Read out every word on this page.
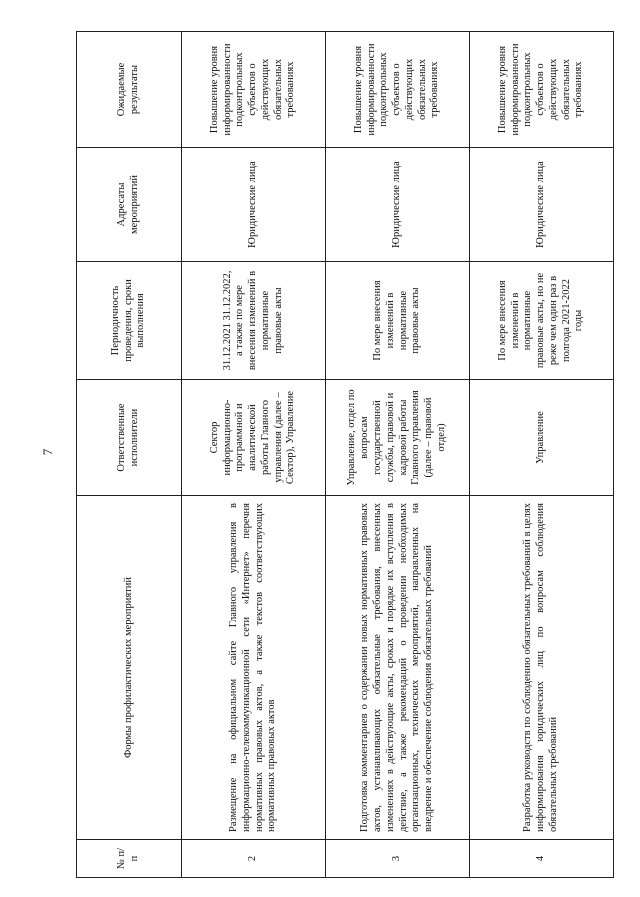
7
№ п/п	Формы профилактических мероприятий	Ответственные исполнители	Периодичность проведения, сроки выполнения	Адресаты мероприятий	Ожидаемые результаты
2	Размещение на официальном сайте Главного управления в информационно-телекоммуникационной сети «Интернет» перечня нормативных правовых актов, а также текстов соответствующих нормативных правовых актов	Сектор информационно-программной и аналитической работы Главного управления (далее – Сектор), Управление	31.12.2021 31.12.2022, а также по мере внесения изменений в нормативные правовые акты	Юридические лица	Повышение уровня информированности подконтрольных субъектов о действующих обязательных требованиях
3	Подготовка комментариев о содержании новых нормативных правовых актов, устанавливающих обязательные требования, внесенных изменениях в действующие акты, сроках и порядке их вступления в действие, а также рекомендаций о проведении необходимых организационных, технических мероприятий, направленных на внедрение и обеспечение соблюдения обязательных требований	Управление, отдел по вопросам государственной службы, правовой и кадровой работы Главного управления (далее – правовой отдел)	По мере внесения изменений в нормативные правовые акты	Юридические лица	Повышение уровня информированности подконтрольных субъектов о действующих обязательных требованиях
4	Разработка руководств по соблюдению обязательных требований в целях информирования юридических лиц по вопросам соблюдения обязательных требований	Управление	По мере внесения изменений в нормативные правовые акты, но не реже чем один раз в полгода 2021-2022 годы	Юридические лица	Повышение уровня информированности подконтрольных субъектов о действующих обязательных требованиях
